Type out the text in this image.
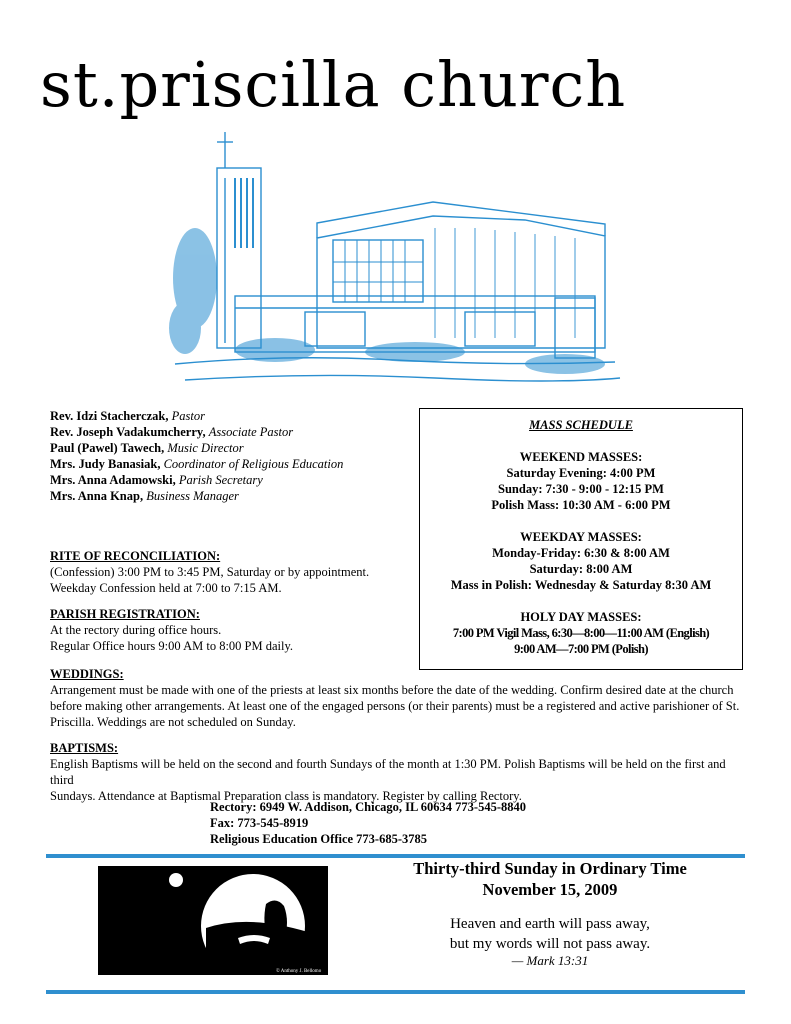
st.priscilla church
Rev. Idzi Stacherczak, Pastor
Rev. Joseph Vadakumcherry, Associate Pastor
Paul (Pawel) Tawech, Music Director
Mrs. Judy Banasiak, Coordinator of Religious Education
Mrs. Anna Adamowski, Parish Secretary
Mrs. Anna Knap, Business Manager
MASS SCHEDULE
WEEKEND MASSES:
Saturday Evening: 4:00 PM
Sunday: 7:30 - 9:00 - 12:15 PM
Polish Mass: 10:30 AM - 6:00 PM
WEEKDAY MASSES:
Monday-Friday: 6:30 & 8:00 AM
Saturday: 8:00 AM
Mass in Polish: Wednesday & Saturday 8:30 AM
HOLY DAY MASSES:
7:00 PM Vigil Mass, 6:30—8:00—11:00 AM (English)
9:00 AM—7:00 PM (Polish)
RITE OF RECONCILIATION:
(Confession) 3:00 PM to 3:45 PM, Saturday or by appointment.
Weekday Confession held at 7:00 to 7:15 AM.
PARISH REGISTRATION:
At the rectory during office hours.
Regular Office hours 9:00 AM to 8:00 PM daily.
WEDDINGS:
Arrangement must be made with one of the priests at least six months before the date of the wedding. Confirm desired date at the church
before making other arrangements. At least one of the engaged persons (or their parents) must be a registered and active parishioner of St.
Priscilla. Weddings are not scheduled on Sunday.
BAPTISMS:
English Baptisms will be held on the second and fourth Sundays of the month at 1:30 PM. Polish Baptisms will be held on the first and third
Sundays. Attendance at Baptismal Preparation class is mandatory. Register by calling Rectory.
Rectory: 6949 W. Addison, Chicago, IL 60634 773-545-8840
Fax: 773-545-8919
Religious Education Office 773-685-3785
© Anthony J. Bellomo
Thirty-third Sunday in Ordinary Time
November 15, 2009
Heaven and earth will pass away,
but my words will not pass away.
— Mark 13:31
